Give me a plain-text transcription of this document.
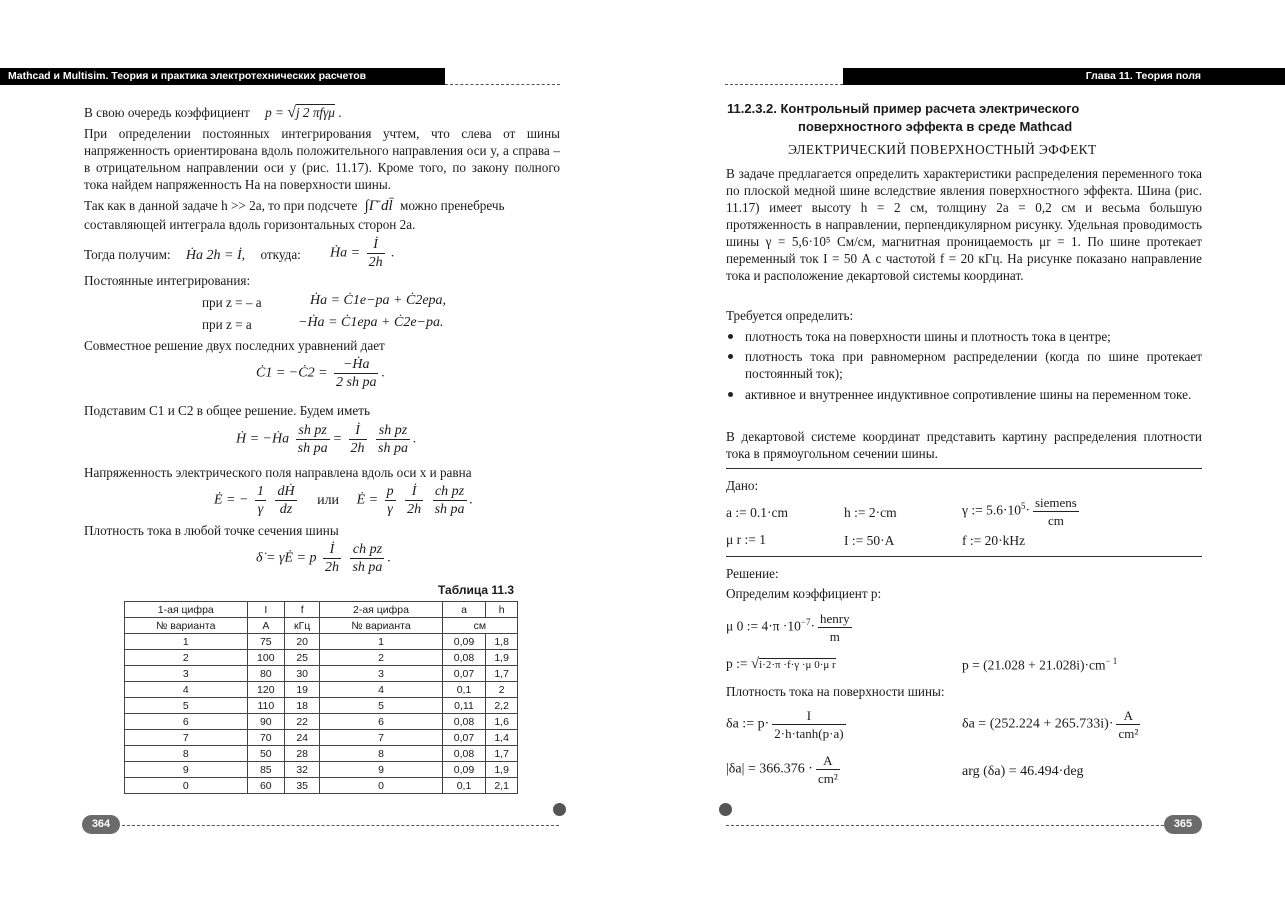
Mathcad и Multisim. Теория и практика электротехнических расчетов
В свою очередь коэффициент p = √j 2 πfγμ .
При определении постоянных интегрирования учтем, что слева от шины напряженность ориентирована вдоль положительного направления оси y, а справа – в отрицательном направлении оси y (рис. 11.17). Кроме того, по закону полного тока найдем напряженность Ha на поверхности шины.
Так как в данной задаче h >> 2a, то при подсчете ∫Γ̄ dl̄ можно пренебречь
составляющей интеграла вдоль горизонтальных сторон 2a.
Тогда получим: Ḣa 2h = İ, откуда: Ḣa = $\frac{İ}{2h}$ .
Постоянные интегрирования:
при z = – a	Ḣa = Ċ1e−pa + Ċ2epa,
при z = a	−Ḣa = Ċ1epa + Ċ2e−pa.
Совместное решение двух последних уравнений дает
Ċ1 = −Ċ2 = $\frac{\text{−Ḣa}}{\text{2 sh pa}}$ .
Подставим C1 и C2 в общее решение. Будем иметь
Ḣ = −Ḣa $\frac{\text{sh pz}}{\text{sh pa}} = \frac{İ}{2h}$
$\frac{\text{sh pz}}{\text{sh pa}}$ .
Напряженность электрического поля направлена вдоль оси x и равна
Ė = − $\frac{1}{\gamma}$
$\frac{\text{dḢ}}{dz}$ или Ė = $\frac{p}{\gamma}$
$\frac{İ}{2h}$
$\frac{\text{ch pz}}{\text{sh pa}}$ .
Плотность тока в любой точке сечения шины
δ̇ = γĖ = p $\frac{İ}{2h}$
$\frac{\text{ch pz}}{\text{sh pa}}$ .
Таблица 11.3
1-ая цифра	I	f	2-ая цифра	a	h
№ варианта	А	кГц	№ варианта	см	
1	75	20	1	0,09	1,8
2	100	25	2	0,08	1,9
3	80	30	3	0,07	1,7
4	120	19	4	0,1	2
5	110	18	5	0,11	2,2
6	90	22	6	0,08	1,6
7	70	24	7	0,07	1,4
8	50	28	8	0,08	1,7
9	85	32	9	0,09	1,9
0	60	35	0	0,1	2,1
364
Глава 11. Теория поля
11.2.3.2. Контрольный пример расчета электрического
поверхностного эффекта в среде Mathcad
ЭЛЕКТРИЧЕСКИЙ ПОВЕРХНОСТНЫЙ ЭФФЕКТ
В задаче предлагается определить характеристики распределения переменного тока по плоской медной шине вследствие явления поверхностного эффекта. Шина (рис. 11.17) имеет высоту h = 2 см, толщину 2a = 0,2 см и весьма большую протяженность в направлении, перпендикулярном рисунку. Удельная проводимость шины γ = 5,6·10⁵ См/см, магнитная проницаемость μr = 1. По шине протекает переменный ток I = 50 А с частотой f = 20 кГц. На рисунке показано направление тока и расположение декартовой системы координат.
Требуется определить:
плотность тока на поверхности шины и плотность тока в центре;
плотность тока при равномерном распределении (когда по шине протекает постоянный ток);
активное и внутреннее индуктивное сопротивление шины на переменном токе.
В декартовой системе координат представить картину распределения плотности тока в прямоугольном сечении шины.
Дано:
a := 0.1·cm	h := 2·cm	γ := $5.6\cdot 10^5\cdot \frac{\text{siemens}}{cm}$
μ r := 1	I := 50·A	f := 20·kHz
Решение:
Определим коэффициент p:
μ 0 := $4\cdot\pi \cdot 10^{-7}\cdot \frac{\text{henry}}{m}$
p := √i·2·π ·f·γ ·μ 0·μ r	$p = (21.028 + 21.028i)\cdot cm^{- 1}$
Плотность тока на поверхности шины:
δa := $p\cdot \frac{I}{2\cdot h\cdot\tanh(p\cdot a)}$	$\delta a = (252.224 + 265.733i)\cdot \frac{A}{\text{cm²}}$
$|\delta a| = 366.376 \cdot \frac{A}{\text{cm²}}$	arg (δa) = 46.494·deg
365
